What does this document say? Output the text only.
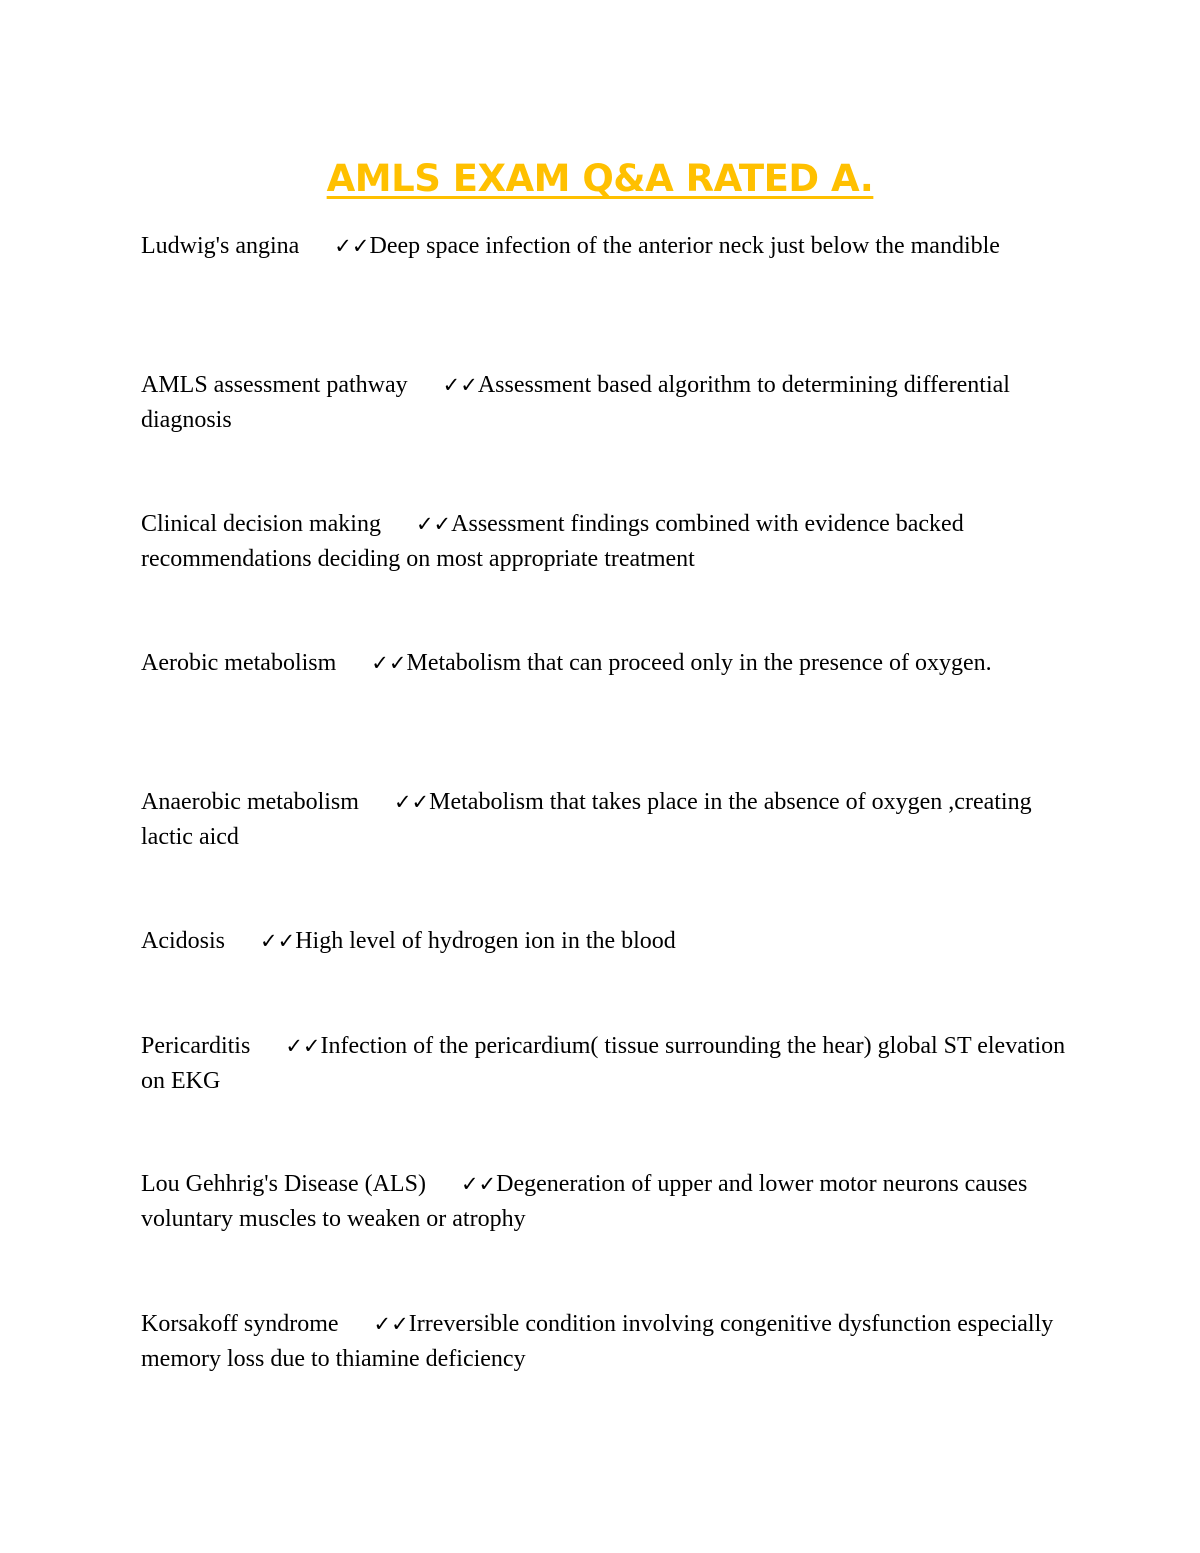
AMLS EXAM Q&A RATED A.
Ludwig's angina ✓✓Deep space infection of the anterior neck just below the mandible
AMLS assessment pathway ✓✓Assessment based algorithm to determining differential diagnosis
Clinical decision making ✓✓Assessment findings combined with evidence backed recommendations deciding on most appropriate treatment
Aerobic metabolism ✓✓Metabolism that can proceed only in the presence of oxygen.
Anaerobic metabolism ✓✓Metabolism that takes place in the absence of oxygen ,creating lactic aicd
Acidosis ✓✓High level of hydrogen ion in the blood
Pericarditis ✓✓Infection of the pericardium( tissue surrounding the hear) global ST elevation on EKG
Lou Gehhrig's Disease (ALS) ✓✓Degeneration of upper and lower motor neurons causes voluntary muscles to weaken or atrophy
Korsakoff syndrome ✓✓Irreversible condition involving congenitive dysfunction especially memory loss due to thiamine deficiency
